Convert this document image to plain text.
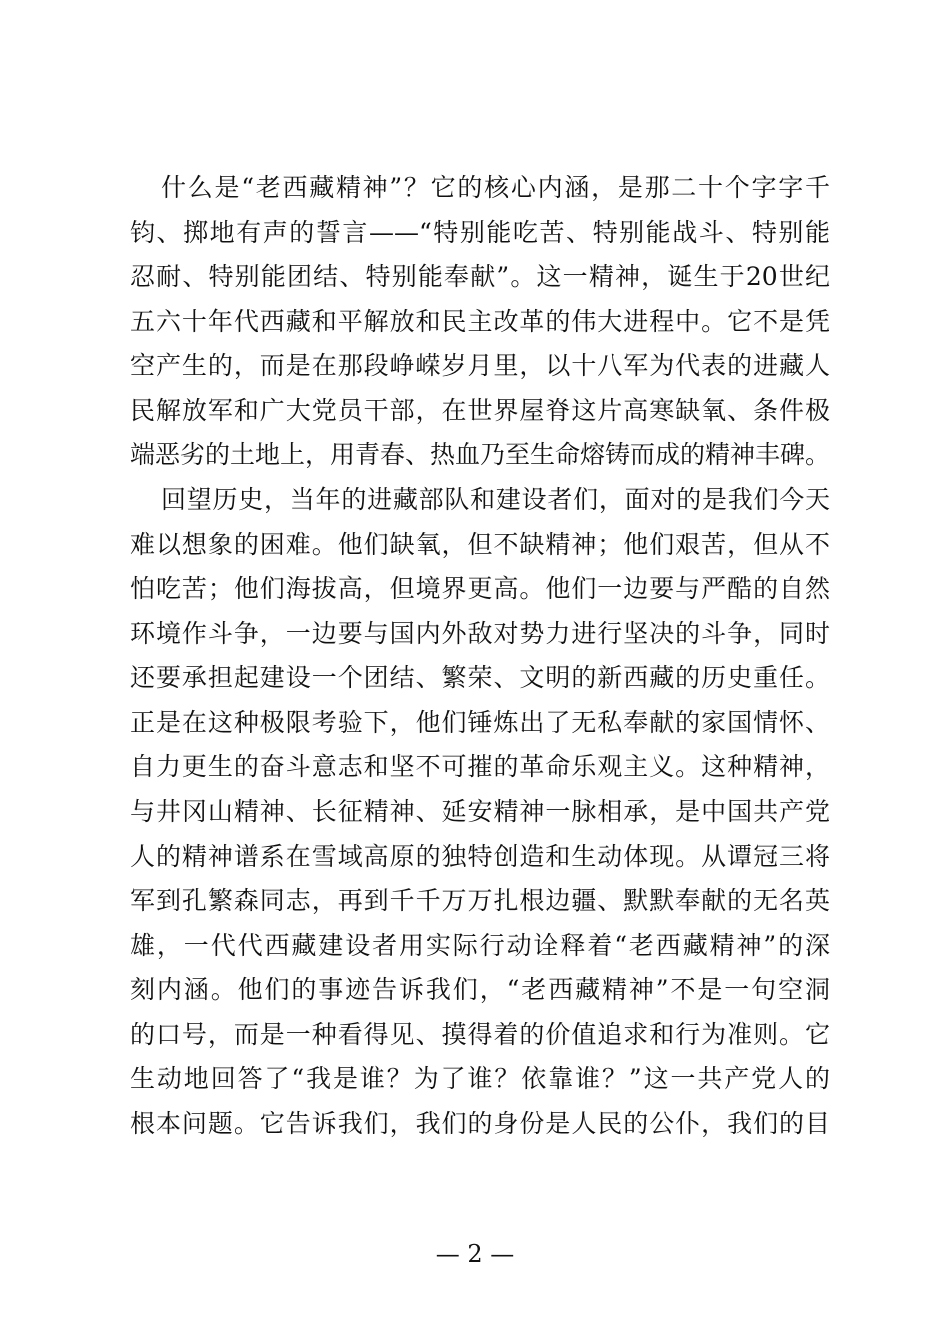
什么是“老西藏精神”？它的核心内涵，是那二十个字字千
钧、掷地有声的誓言——“特别能吃苦、特别能战斗、特别能
忍耐、特别能团结、特别能奉献”。这一精神，诞生于20世纪
五六十年代西藏和平解放和民主改革的伟大进程中。它不是凭
空产生的，而是在那段峥嵘岁月里，以十八军为代表的进藏人
民解放军和广大党员干部，在世界屋脊这片高寒缺氧、条件极
端恶劣的土地上，用青春、热血乃至生命熔铸而成的精神丰碑。
回望历史，当年的进藏部队和建设者们，面对的是我们今天
难以想象的困难。他们缺氧，但不缺精神；他们艰苦，但从不
怕吃苦；他们海拔高，但境界更高。他们一边要与严酷的自然
环境作斗争，一边要与国内外敌对势力进行坚决的斗争，同时
还要承担起建设一个团结、繁荣、文明的新西藏的历史重任。
正是在这种极限考验下，他们锤炼出了无私奉献的家国情怀、
自力更生的奋斗意志和坚不可摧的革命乐观主义。这种精神，
与井冈山精神、长征精神、延安精神一脉相承，是中国共产党
人的精神谱系在雪域高原的独特创造和生动体现。从谭冠三将
军到孔繁森同志，再到千千万万扎根边疆、默默奉献的无名英
雄，一代代西藏建设者用实际行动诠释着“老西藏精神”的深
刻内涵。他们的事迹告诉我们，“老西藏精神”不是一句空洞
的口号，而是一种看得见、摸得着的价值追求和行为准则。它
生动地回答了“我是谁？为了谁？依靠谁？”这一共产党人的
根本问题。它告诉我们，我们的身份是人民的公仆，我们的目
— 2 —
